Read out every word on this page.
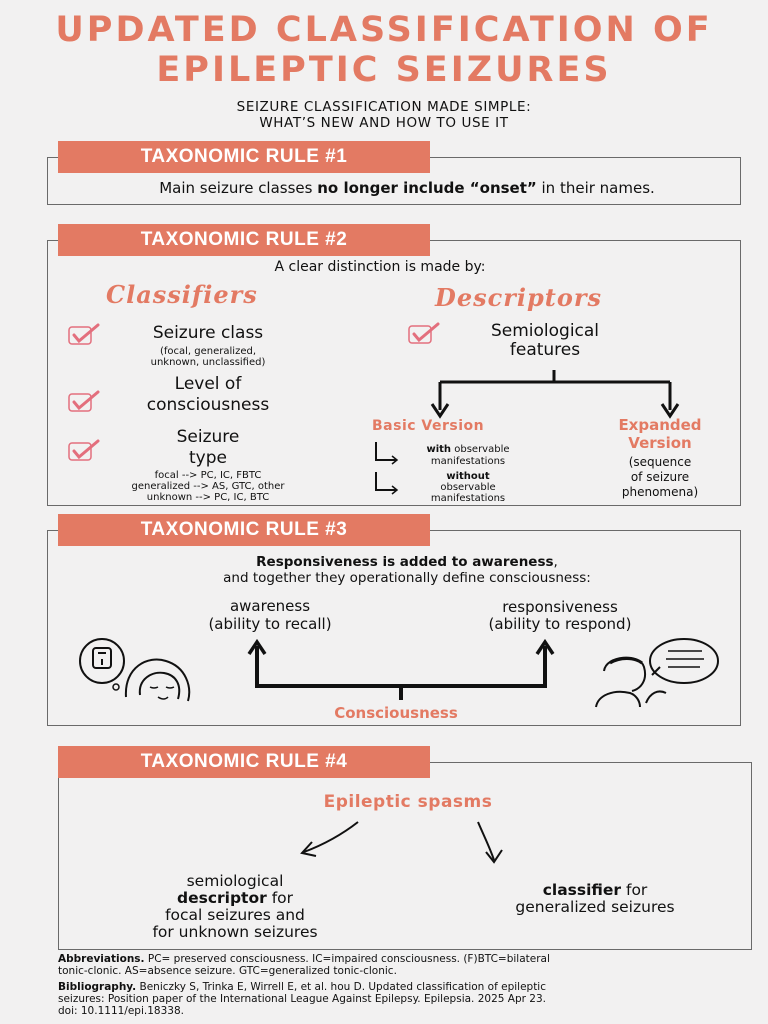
UPDATED CLASSIFICATION OF
EPILEPTIC SEIZURES
SEIZURE CLASSIFICATION MADE SIMPLE:
WHAT’S NEW AND HOW TO USE IT
TAXONOMIC RULE #1
Main seizure classes no longer include “onset” in their names.
TAXONOMIC RULE #2
A clear distinction is made by:
Classifiers	Descriptors
Seizure class
(focal, generalized,
unknown, unclassified)
Level of
consciousness
Seizure
type
focal --> PC, IC, FBTC
generalized --> AS, GTC, other
unknown --> PC, IC, BTC
Semiological
features
Basic Version
with observable
manifestations
without
observable
manifestations
Expanded
Version
(sequence
of seizure
phenomena)
TAXONOMIC RULE #3
Responsiveness is added to awareness,
and together they operationally define consciousness:
awareness
(ability to recall)
responsiveness
(ability to respond)
Consciousness
TAXONOMIC RULE #4
Epileptic spasms
semiological
descriptor for
focal seizures and
for unknown seizures
classifier for
generalized seizures
Abbreviations. PC= preserved consciousness. IC=impaired consciousness. (F)BTC=bilateral
tonic-clonic. AS=absence seizure. GTC=generalized tonic-clonic.
Bibliography. Beniczky S, Trinka E, Wirrell E, et al. hou D. Updated classification of epileptic
seizures: Position paper of the International League Against Epilepsy. Epilepsia. 2025 Apr 23.
doi: 10.1111/epi.18338.
